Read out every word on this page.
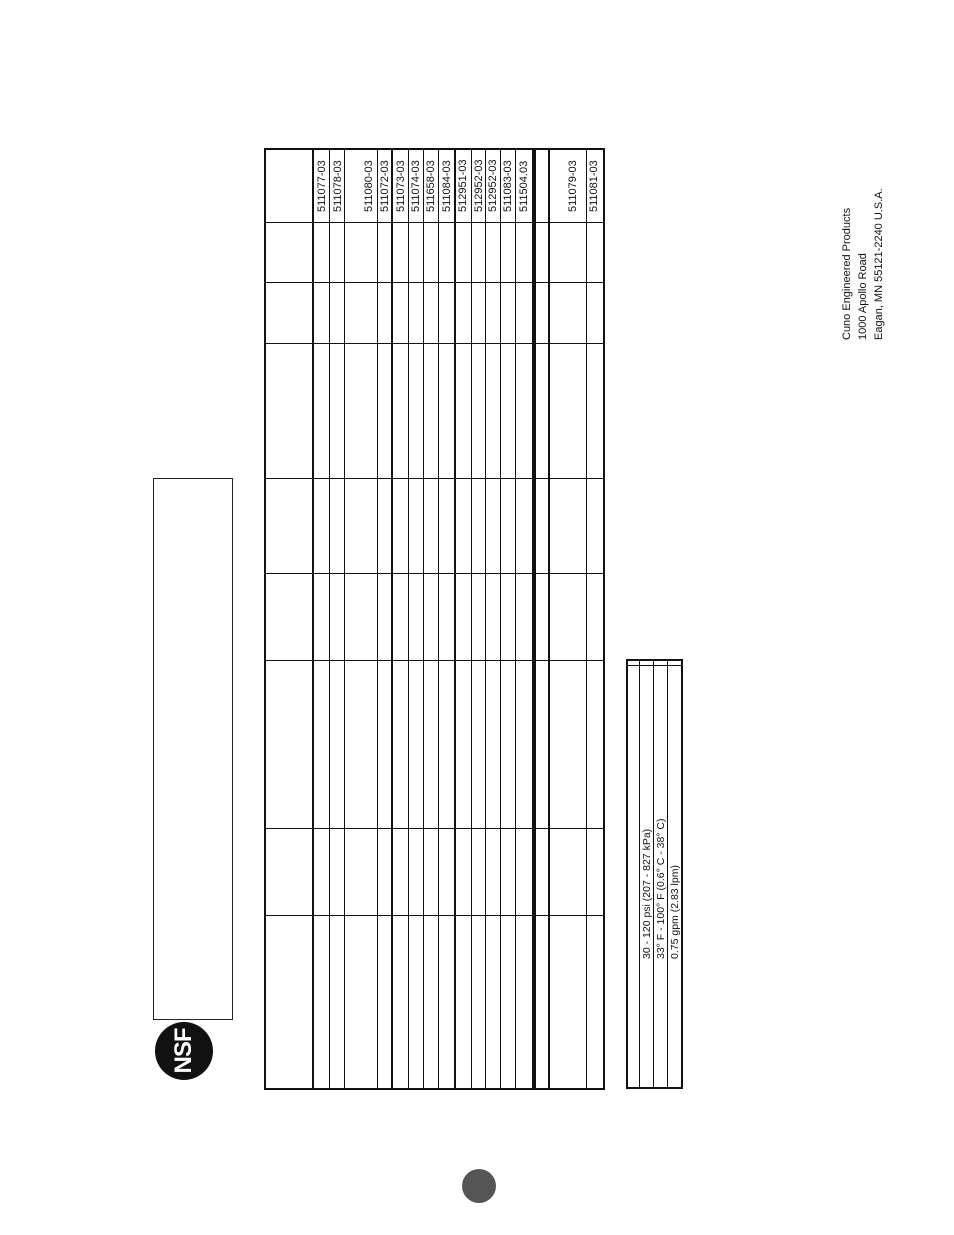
NSF
511077-03 511078-03 511080-03 511072-03 511073-03 511074-03 511658-03 511084-03 512951-03 512952-03 512952-03 511083-03 511504.03	511079-03 511081-03
30 - 120 psi (207 - 827 kPa) 33° F - 100° F (0.6° C - 38° C) 0.75 gpm (2.83 lpm)
Cuno Engineered Products 1000 Apollo Road Eagan, MN 55121-2240 U.S.A.
